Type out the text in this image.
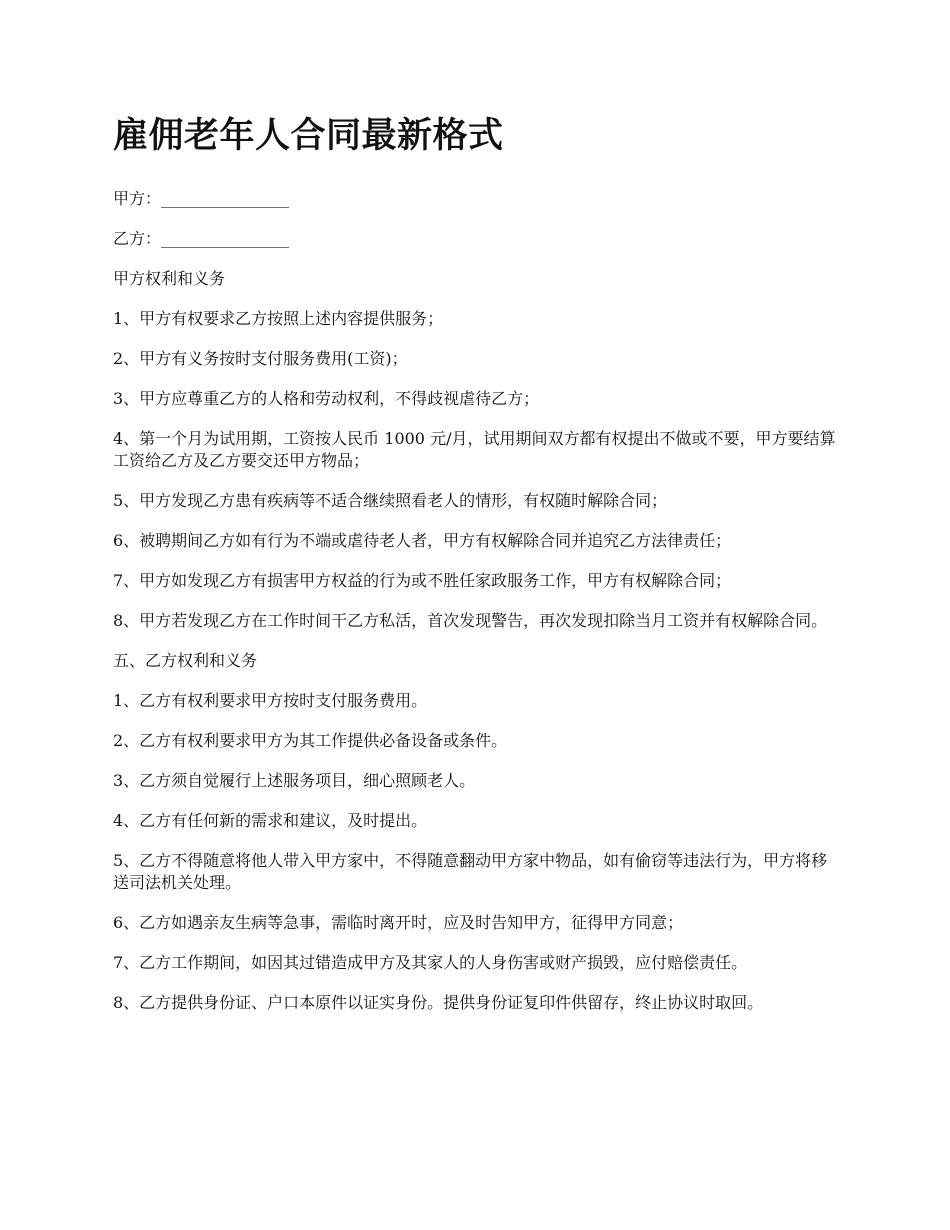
雇佣老年人合同最新格式

甲方：________________

乙方：________________

甲方权利和义务

1、甲方有权要求乙方按照上述内容提供服务；

2、甲方有义务按时支付服务费用(工资)；

3、甲方应尊重乙方的人格和劳动权利，不得歧视虐待乙方；

4、第一个月为试用期，工资按人民币 1000 元/月，试用期间双方都有权提出不做或不要，甲方要结算工资给乙方及乙方要交还甲方物品；

5、甲方发现乙方患有疾病等不适合继续照看老人的情形，有权随时解除合同；

6、被聘期间乙方如有行为不端或虐待老人者，甲方有权解除合同并追究乙方法律责任；

7、甲方如发现乙方有损害甲方权益的行为或不胜任家政服务工作，甲方有权解除合同；

8、甲方若发现乙方在工作时间干乙方私活，首次发现警告，再次发现扣除当月工资并有权解除合同。

五、乙方权利和义务

1、乙方有权利要求甲方按时支付服务费用。

2、乙方有权利要求甲方为其工作提供必备设备或条件。

3、乙方须自觉履行上述服务项目，细心照顾老人。

4、乙方有任何新的需求和建议，及时提出。

5、乙方不得随意将他人带入甲方家中，不得随意翻动甲方家中物品，如有偷窃等违法行为，甲方将移送司法机关处理。

6、乙方如遇亲友生病等急事，需临时离开时，应及时告知甲方，征得甲方同意；

7、乙方工作期间，如因其过错造成甲方及其家人的人身伤害或财产损毁，应付赔偿责任。

8、乙方提供身份证、户口本原件以证实身份。提供身份证复印件供留存，终止协议时取回。
